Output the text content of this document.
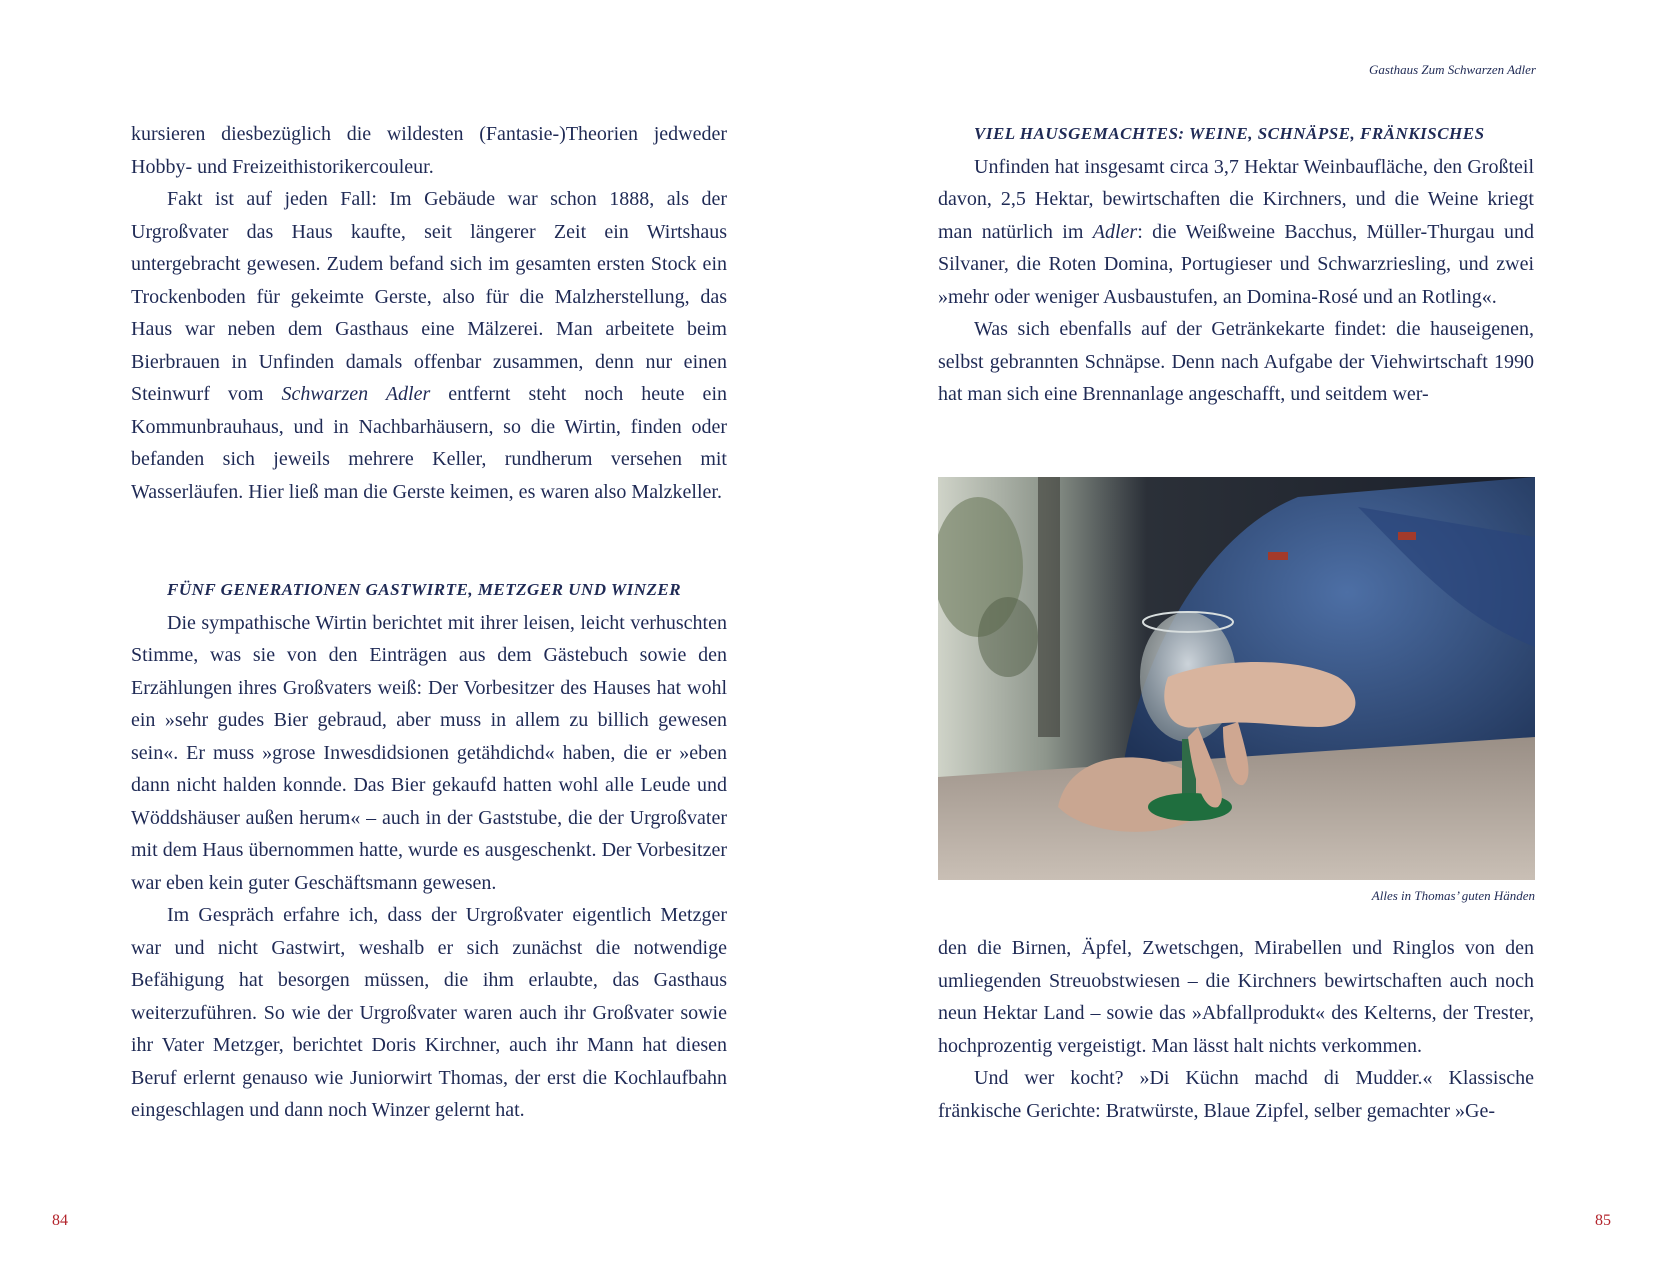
kursieren diesbezüglich die wildesten (Fantasie-)Theorien jedweder Hobby- und Freizeithistorikercouleur.

Fakt ist auf jeden Fall: Im Gebäude war schon 1888, als der Urgroßvater das Haus kaufte, seit längerer Zeit ein Wirtshaus untergebracht gewesen. Zudem befand sich im gesamten ersten Stock ein Trockenboden für gekeimte Gerste, also für die Malzherstellung, das Haus war neben dem Gasthaus eine Mälzerei. Man arbeitete beim Bierbrauen in Unfinden damals offenbar zusammen, denn nur einen Steinwurf vom Schwarzen Adler entfernt steht noch heute ein Kommunbrauhaus, und in Nachbarhäusern, so die Wirtin, finden oder befanden sich jeweils mehrere Keller, rundherum versehen mit Wasserläufen. Hier ließ man die Gerste keimen, es waren also Malzkeller.

FÜNF GENERATIONEN GASTWIRTE, METZGER UND WINZER

Die sympathische Wirtin berichtet mit ihrer leisen, leicht verhuschten Stimme, was sie von den Einträgen aus dem Gästebuch sowie den Erzählungen ihres Großvaters weiß: Der Vorbesitzer des Hauses hat wohl ein »sehr gudes Bier gebraud, aber muss in allem zu billich gewesen sein«. Er muss »grose Inwesdidsionen getähdichd« haben, die er »eben dann nicht halden konnde. Das Bier gekaufd hatten wohl alle Leude und Wöddshäuser außen herum« – auch in der Gaststube, die der Urgroßvater mit dem Haus übernommen hatte, wurde es ausgeschenkt. Der Vorbesitzer war eben kein guter Geschäftsmann gewesen.

Im Gespräch erfahre ich, dass der Urgroßvater eigentlich Metzger war und nicht Gastwirt, weshalb er sich zunächst die notwendige Befähigung hat besorgen müssen, die ihm erlaubte, das Gasthaus weiterzuführen. So wie der Urgroßvater waren auch ihr Großvater sowie ihr Vater Metzger, berichtet Doris Kirchner, auch ihr Mann hat diesen Beruf erlernt genauso wie Juniorwirt Thomas, der erst die Kochlaufbahn eingeschlagen und dann noch Winzer gelernt hat.

84
Gasthaus Zum Schwarzen Adler
VIEL HAUSGEMACHTES: WEINE, SCHNÄPSE, FRÄNKISCHES

Unfinden hat insgesamt circa 3,7 Hektar Weinbaufläche, den Großteil davon, 2,5 Hektar, bewirtschaften die Kirchners, und die Weine kriegt man natürlich im Adler: die Weißweine Bacchus, Müller-Thurgau und Silvaner, die Roten Domina, Portugieser und Schwarzriesling, und zwei »mehr oder weniger Ausbaustufen, an Domina-Rosé und an Rotling«.

Was sich ebenfalls auf der Getränkekarte findet: die hauseigenen, selbst gebrannten Schnäpse. Denn nach Aufgabe der Viehwirtschaft 1990 hat man sich eine Brennanlage angeschafft, und seitdem wer-

Alles in Thomas’ guten Händen

den die Birnen, Äpfel, Zwetschgen, Mirabellen und Ringlos von den umliegenden Streuobstwiesen – die Kirchners bewirtschaften auch noch neun Hektar Land – sowie das »Abfallprodukt« des Kelterns, der Trester, hochprozentig vergeistigt. Man lässt halt nichts verkommen.

Und wer kocht? »Di Küchn machd di Mudder.« Klassische fränkische Gerichte: Bratwürste, Blaue Zipfel, selber gemachter »Ge-

85
